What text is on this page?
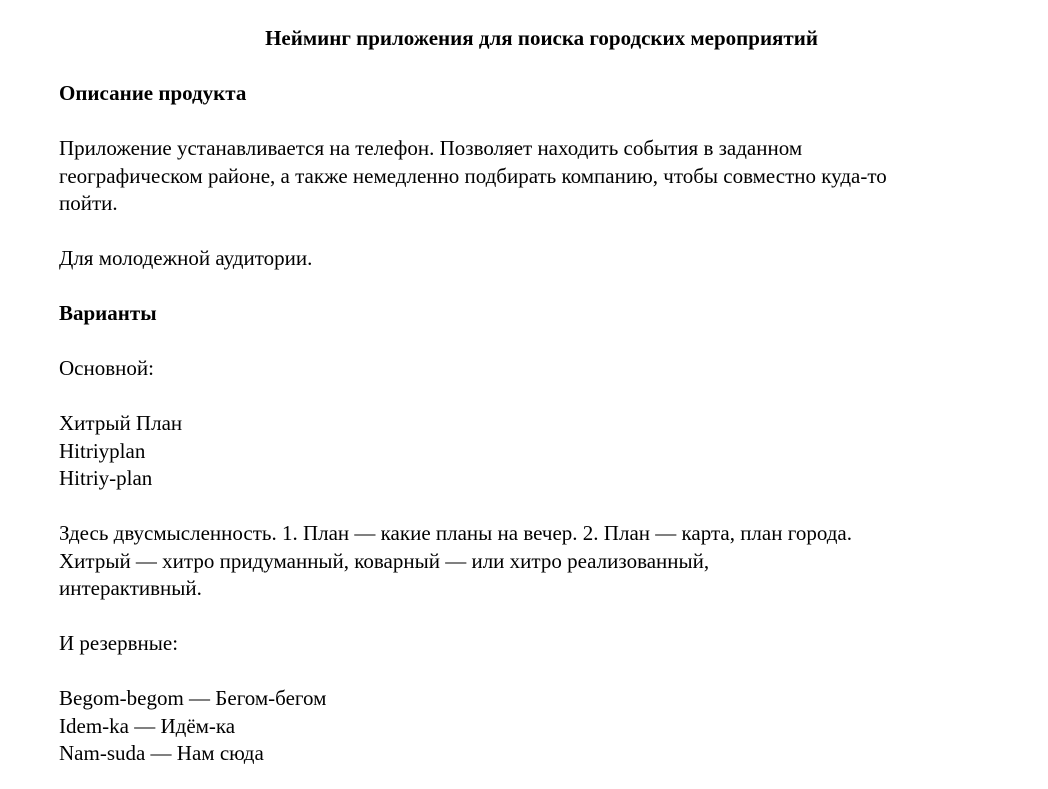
Нейминг приложения для поиска городских мероприятий

Описание продукта

Приложение устанавливается на телефон. Позволяет находить события в заданном
географическом районе, а также немедленно подбирать компанию, чтобы совместно куда-то
пойти.

Для молодежной аудитории.

Варианты

Основной:

Хитрый План
Hitriyplan
Hitriy-plan

Здесь двусмысленность. 1. План — какие планы на вечер. 2. План — карта, план города.
Хитрый — хитро придуманный, коварный — или хитро реализованный,
интерактивный.

И резервные:

Begom-begom — Бегом-бегом
Idem-ka — Идём-ка
Nam-suda — Нам сюда
